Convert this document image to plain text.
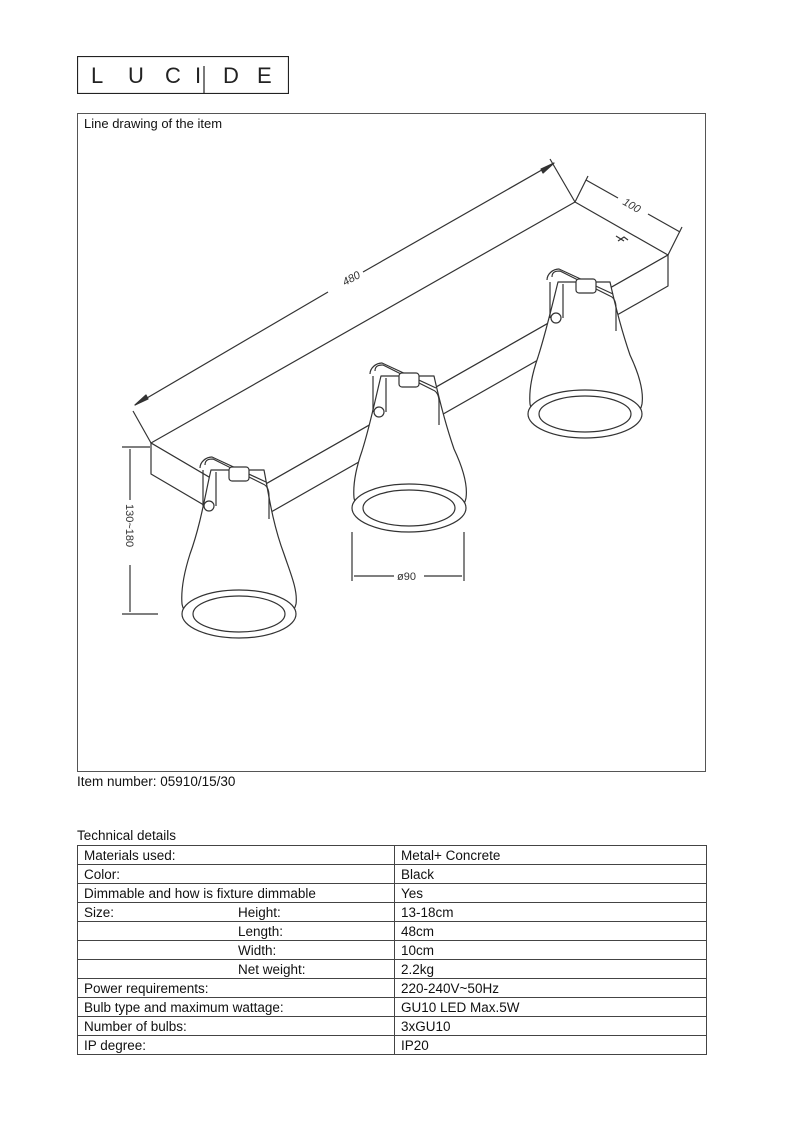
L U C I D E
Line drawing of the item
480
100
130~180
ø90
Item number: 05910/15/30
Technical details
Materials used:	Metal+ Concrete
Color:	Black
Dimmable and how is fixture dimmable	Yes

Size: Height:	13-18cm

Length:	48cm

Width:	10cm

Net weight:	2.2kg
Power requirements:	220-240V~50Hz
Bulb type and maximum wattage:	GU10 LED Max.5W
Number of bulbs:	3xGU10
IP degree:	IP20
